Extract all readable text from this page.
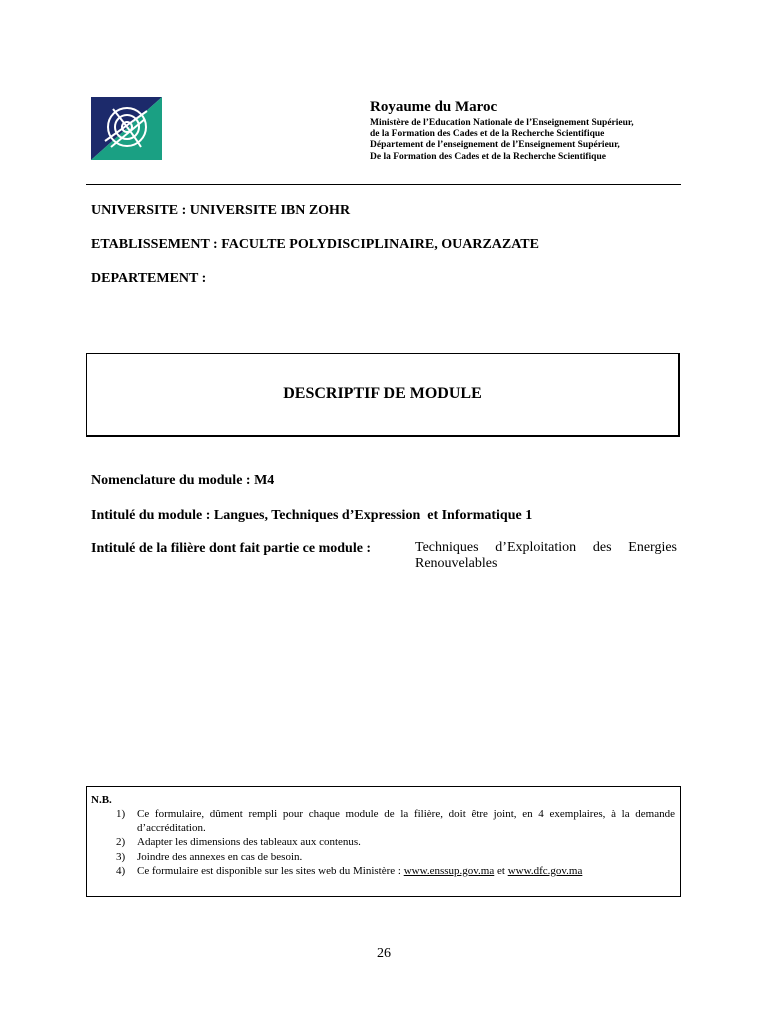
Royaume du Maroc
Ministère de l’Education Nationale de l’Enseignement Supérieur,
de la Formation des Cades et de la Recherche Scientifique
Département de l’enseignement de l’Enseignement Supérieur,
De la Formation des Cades et de la Recherche Scientifique
UNIVERSITE : UNIVERSITE IBN ZOHR
ETABLISSEMENT : FACULTE POLYDISCIPLINAIRE, OUARZAZATE
DEPARTEMENT :
DESCRIPTIF DE MODULE
Nomenclature du module : M4
Intitulé du module : Langues, Techniques d’Expression  et Informatique 1
Intitulé de la filière dont fait partie ce module :	Techniques d’Exploitation des Energies
Renouvelables
N.B.
1) Ce formulaire, dûment rempli pour chaque module de la filière, doit être joint, en 4 exemplaires, à la demande d’accréditation.
2) Adapter les dimensions des tableaux aux contenus.
3) Joindre des annexes en cas de besoin.
4) Ce formulaire est disponible sur les sites web du Ministère : www.enssup.gov.ma et www.dfc.gov.ma
26
